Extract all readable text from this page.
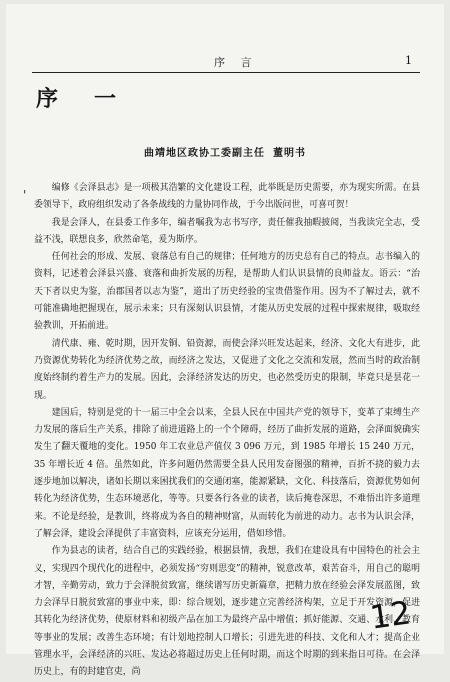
序 言	1
序一
曲靖地区政协工委副主任 董明书
'	编修《会泽县志》是一项极其浩繁的文化建设工程，此举既是历史需要，亦为现实所需。在县委领导下，政府组织发动了各条战线的力量协同作战，于今出版问世，可喜可贺！

我是会泽人，在县委工作多年，编者嘱我为志书写序，责任催我抽暇披阅，当我读完全志，受益不浅，联想良多，欣然命笔，爰为斯序。

任何社会的形成、发展、衰落总有自己的规律；任何地方的历史总有自己的特点。志书编入的资料，记述着会泽县兴盛、衰落和曲折发展的历程，是帮助人们认识县情的良师益友。语云：“治天下者以史为鉴，治郡国者以志为鉴”，道出了历史经验的宝贵借鉴作用。因为不了解过去，就不可能准确地把握现在，展示未来；只有深刻认识县情，才能从历史发展的过程中探索规律，吸取经验教训，开拓前进。

清代康、雍、乾时期，因开发铜、铅资源，而使会泽兴旺发达起来，经济、文化大有进步，此乃资源优势转化为经济优势之故，而经济之发达，又促进了文化之交流和发展，然而当时的政治制度始终制约着生产力的发展。因此，会泽经济发达的历史，也必然受历史的限制，毕竟只是昙花一现。

建国后，特别是党的十一届三中全会以来，全县人民在中国共产党的领导下，变革了束缚生产力发展的落后生产关系，排除了前进道路上的一个个障碍，经历了曲折发展的道路，会泽面貌确实发生了翻天覆地的变化。1950 年工农业总产值仅 3 096 万元，到 1985 年增长 15 240 万元，35 年增长近 4 倍。虽然如此，许多问题仍然需要全县人民用发奋图强的精神，百折不挠的毅力去逐步地加以解决，诸如长期以来困扰我们的交通闭塞，能源紧缺，文化、科技落后，资源优势如何转化为经济优势，生态环境恶化，等等。只要各行各业的读者，读后掩卷深思，不难悟出许多道理来。不论是经验，是教训，终将成为各自的精神财富，从而转化为前进的动力。志书为认识会泽，了解会泽，建设会泽提供了丰富资料，应该充分运用，借如珍惜。

作为县志的读者，结合自己的实践经验，根据县情，我想，我们在建设具有中国特色的社会主义，实现四个现代化的进程中，必须发扬“穷则思变”的精神，锐意改革，艰苦奋斗，用自己的聪明才智，辛勤劳动，致力于会泽脱贫致富，继续谱写历史新篇章，把精力放在经验会泽发展蓝图，致力会泽早日脱贫致富的事业中来，即：综合规划，逐步建立完善经济构架，立足于开发资源，促进其转化为经济优势，使原材料和初级产品在加工为最终产品中增值；抓好能源、交通、水利、教育等事业的发展；改善生态环境；有计划地控制人口增长；引进先进的科技、文化和人才；提高企业管理水平，会泽经济的兴旺、发达必将超过历史上任何时期，而这个时期的到来指日可待。在会泽历史上，有的封建官吏，尚

12
